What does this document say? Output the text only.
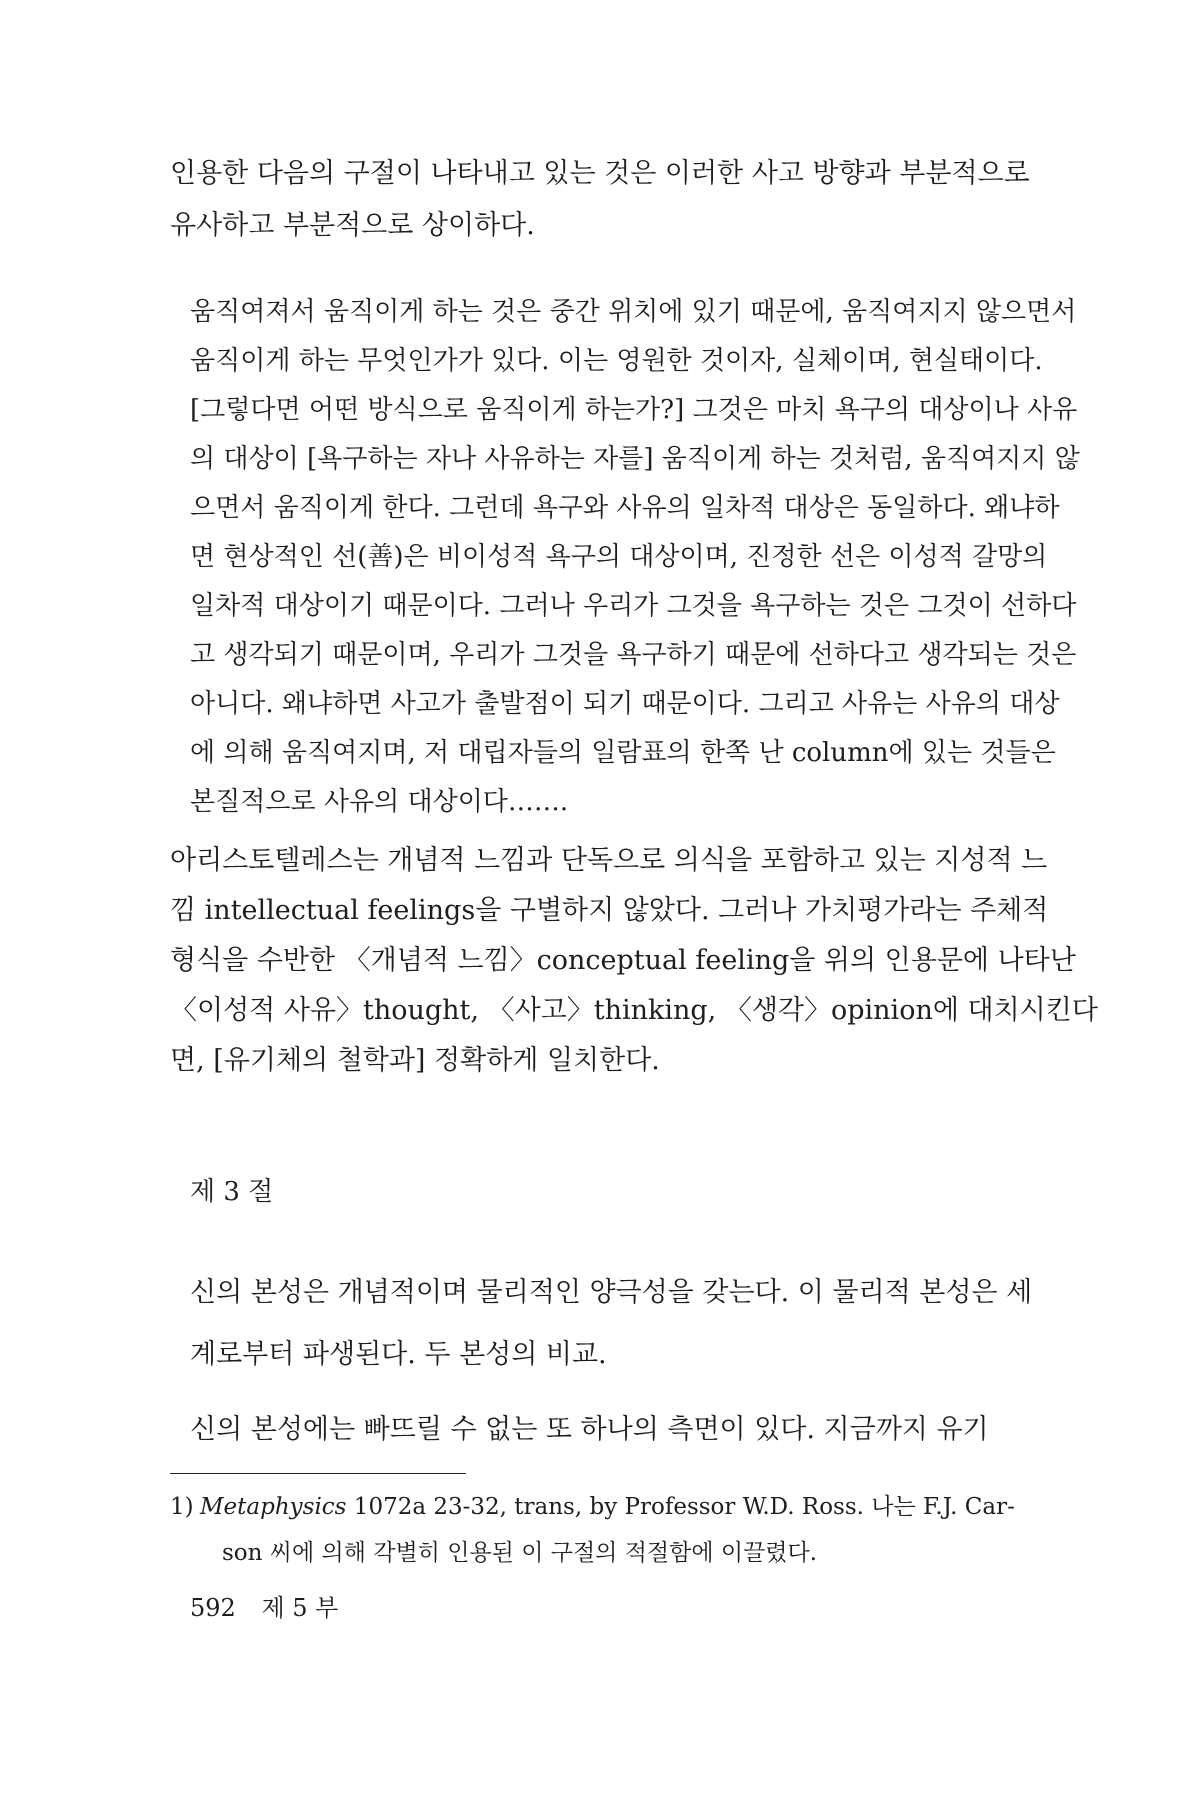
인용한 다음의 구절이 나타내고 있는 것은 이러한 사고 방향과 부분적으로
유사하고 부분적으로 상이하다.
움직여져서 움직이게 하는 것은 중간 위치에 있기 때문에, 움직여지지 않으면서
움직이게 하는 무엇인가가 있다. 이는 영원한 것이자, 실체이며, 현실태이다.
[그렇다면 어떤 방식으로 움직이게 하는가?] 그것은 마치 욕구의 대상이나 사유
의 대상이 [욕구하는 자나 사유하는 자를] 움직이게 하는 것처럼, 움직여지지 않
으면서 움직이게 한다. 그런데 욕구와 사유의 일차적 대상은 동일하다. 왜냐하
면 현상적인 선(善)은 비이성적 욕구의 대상이며, 진정한 선은 이성적 갈망의
일차적 대상이기 때문이다. 그러나 우리가 그것을 욕구하는 것은 그것이 선하다
고 생각되기 때문이며, 우리가 그것을 욕구하기 때문에 선하다고 생각되는 것은
아니다. 왜냐하면 사고가 출발점이 되기 때문이다. 그리고 사유는 사유의 대상
에 의해 움직여지며, 저 대립자들의 일람표의 한쪽 난 column에 있는 것들은
본질적으로 사유의 대상이다…….
아리스토텔레스는 개념적 느낌과 단독으로 의식을 포함하고 있는 지성적 느
낌 intellectual feelings을 구별하지 않았다. 그러나 가치평가라는 주체적
형식을 수반한 〈개념적 느낌〉conceptual feeling을 위의 인용문에 나타난
〈이성적 사유〉thought, 〈사고〉thinking, 〈생각〉opinion에 대치시킨다
면, [유기체의 철학과] 정확하게 일치한다.
제 3 절
신의 본성은 개념적이며 물리적인 양극성을 갖는다. 이 물리적 본성은 세
계로부터 파생된다. 두 본성의 비교.
신의 본성에는 빠뜨릴 수 없는 또 하나의 측면이 있다. 지금까지 유기
1) Metaphysics 1072a 23-32, trans, by Professor W.D. Ross. 나는 F.J. Car-
son 씨에 의해 각별히 인용된 이 구절의 적절함에 이끌렸다.
592 제 5 부
